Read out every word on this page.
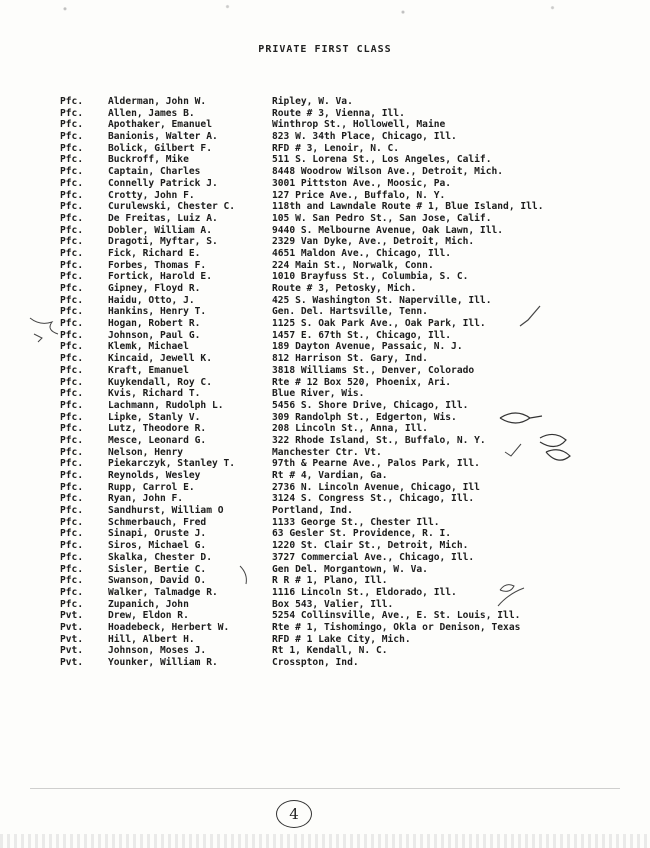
PRIVATE FIRST CLASS
Pfc.	Alderman, John W.	Ripley, W. Va.
Pfc.	Allen, James B.	Route # 3, Vienna, Ill.
Pfc.	Apothaker, Emanuel	Winthrop St., Hollowell, Maine
Pfc.	Banionis, Walter A.	823 W. 34th Place, Chicago, Ill.
Pfc.	Bolick, Gilbert F.	RFD # 3, Lenoir, N. C.
Pfc.	Buckroff, Mike	511 S. Lorena St., Los Angeles, Calif.
Pfc.	Captain, Charles	8448 Woodrow Wilson Ave., Detroit, Mich.
Pfc.	Connelly Patrick J.	3001 Pittston Ave., Moosic, Pa.
Pfc.	Crotty, John F.	127 Price Ave., Buffalo, N. Y.
Pfc.	Curulewski, Chester C.	118th and Lawndale Route # 1, Blue Island, Ill.
Pfc.	De Freitas, Luiz A.	105 W. San Pedro St., San Jose, Calif.
Pfc.	Dobler, William A.	9440 S. Melbourne Avenue, Oak Lawn, Ill.
Pfc.	Dragoti, Myftar, S.	2329 Van Dyke, Ave., Detroit, Mich.
Pfc.	Fick, Richard E.	4651 Maldon Ave., Chicago, Ill.
Pfc.	Forbes, Thomas F.	224 Main St., Norwalk, Conn.
Pfc.	Fortick, Harold E.	1010 Brayfuss St., Columbia, S. C.
Pfc.	Gipney, Floyd R.	Route # 3, Petosky, Mich.
Pfc.	Haidu, Otto, J.	425 S. Washington St. Naperville, Ill.
Pfc.	Hankins, Henry T.	Gen. Del. Hartsville, Tenn.
Pfc.	Hogan, Robert R.	1125 S. Oak Park Ave., Oak Park, Ill.
Pfc.	Johnson, Paul G.	1457 E. 67th St., Chicago, Ill.
Pfc.	Klemk, Michael	189 Dayton Avenue, Passaic, N. J.
Pfc.	Kincaid, Jewell K.	812 Harrison St. Gary, Ind.
Pfc.	Kraft, Emanuel	3818 Williams St., Denver, Colorado
Pfc.	Kuykendall, Roy C.	Rte # 12 Box 520, Phoenix, Ari.
Pfc.	Kvis, Richard T.	Blue River, Wis.
Pfc.	Lachmann, Rudolph L.	5456 S. Shore Drive, Chicago, Ill.
Pfc.	Lipke, Stanly V.	309 Randolph St., Edgerton, Wis.
Pfc.	Lutz, Theodore R.	208 Lincoln St., Anna, Ill.
Pfc.	Mesce, Leonard G.	322 Rhode Island, St., Buffalo, N. Y.
Pfc.	Nelson, Henry	Manchester Ctr. Vt.
Pfc.	Piekarczyk, Stanley T.	97th & Pearne Ave., Palos Park, Ill.
Pfc.	Reynolds, Wesley	Rt # 4, Vardian, Ga.
Pfc.	Rupp, Carrol E.	2736 N. Lincoln Avenue, Chicago, Ill
Pfc.	Ryan, John F.	3124 S. Congress St., Chicago, Ill.
Pfc.	Sandhurst, William O	Portland, Ind.
Pfc.	Schmerbauch, Fred	1133 George St., Chester Ill.
Pfc.	Sinapi, Oruste J.	63 Gesler St. Providence, R. I.
Pfc.	Siros, Michael G.	1220 St. Clair St., Detroit, Mich.
Pfc.	Skalka, Chester D.	3727 Commercial Ave., Chicago, Ill.
Pfc.	Sisler, Bertie C.	Gen Del. Morgantown, W. Va.
Pfc.	Swanson, David O.	R R # 1, Plano, Ill.
Pfc.	Walker, Talmadge R.	1116 Lincoln St., Eldorado, Ill.
Pfc.	Zupanich, John	Box 543, Valier, Ill.
Pvt.	Drew, Eldon R.	5254 Collinsville, Ave., E. St. Louis, Ill.
Pvt.	Hoadebeck, Herbert W.	Rte # 1, Tishomingo, Okla or Denison, Texas
Pvt.	Hill, Albert H.	RFD # 1 Lake City, Mich.
Pvt.	Johnson, Moses J.	Rt 1, Kendall, N. C.
Pvt.	Younker, William R.	Crosspton, Ind.
4
